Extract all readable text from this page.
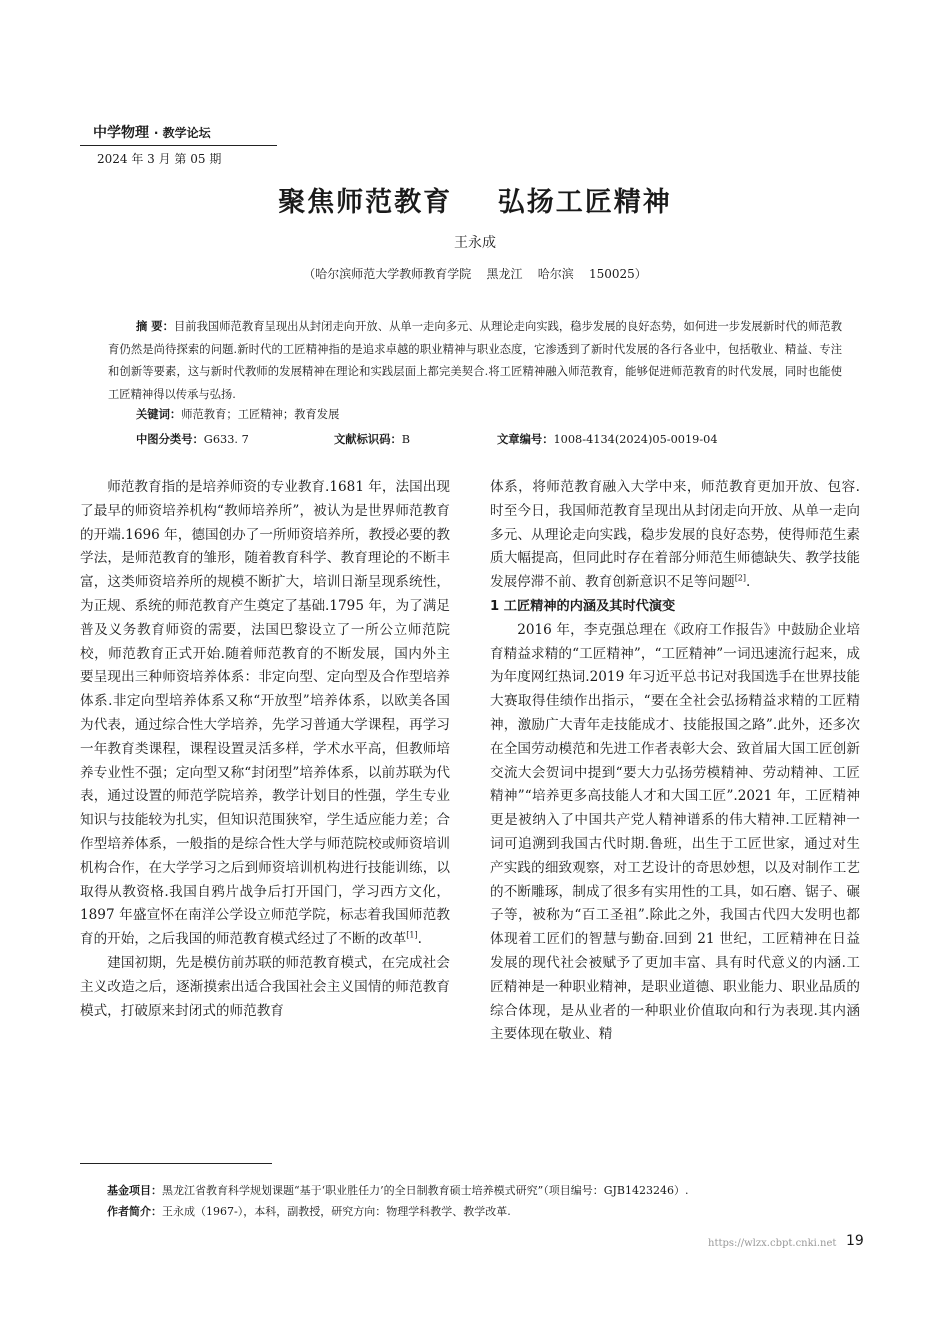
中学物理 · 教学论坛
2024 年 3 月 第 05 期
聚焦师范教育    弘扬工匠精神
王永成
（哈尔滨师范大学教师教育学院    黑龙江    哈尔滨    150025）
摘 要：目前我国师范教育呈现出从封闭走向开放、从单一走向多元、从理论走向实践，稳步发展的良好态势，如何进一步发展新时代的师范教育仍然是尚待探索的问题.新时代的工匠精神指的是追求卓越的职业精神与职业态度，它渗透到了新时代发展的各行各业中，包括敬业、精益、专注和创新等要素，这与新时代教师的发展精神在理论和实践层面上都完美契合.将工匠精神融入师范教育，能够促进师范教育的时代发展，同时也能使工匠精神得以传承与弘扬.
关键词：师范教育；工匠精神；教育发展
中图分类号：G633. 7	文献标识码：B	文章编号：1008-4134(2024)05-0019-04

师范教育指的是培养师资的专业教育.1681 年，法国出现了最早的师资培养机构“教师培养所”，被认为是世界师范教育的开端.1696 年，德国创办了一所师资培养所，教授必要的教学法，是师范教育的雏形，随着教育科学、教育理论的不断丰富，这类师资培养所的规模不断扩大，培训日渐呈现系统性，为正规、系统的师范教育产生奠定了基础.1795 年，为了满足普及义务教育师资的需要，法国巴黎设立了一所公立师范院校，师范教育正式开始.随着师范教育的不断发展，国内外主要呈现出三种师资培养体系：非定向型、定向型及合作型培养体系.非定向型培养体系又称“开放型”培养体系，以欧美各国为代表，通过综合性大学培养，先学习普通大学课程，再学习一年教育类课程，课程设置灵活多样，学术水平高，但教师培养专业性不强；定向型又称“封闭型”培养体系，以前苏联为代表，通过设置的师范学院培养，教学计划目的性强，学生专业知识与技能较为扎实，但知识范围狭窄，学生适应能力差；合作型培养体系，一般指的是综合性大学与师范院校或师资培训机构合作，在大学学习之后到师资培训机构进行技能训练，以取得从教资格.我国自鸦片战争后打开国门，学习西方文化，1897 年盛宣怀在南洋公学设立师范学院，标志着我国师范教育的开始，之后我国的师范教育模式经过了不断的改革[1].

建国初期，先是模仿前苏联的师范教育模式，在完成社会主义改造之后，逐渐摸索出适合我国社会主义国情的师范教育模式，打破原来封闭式的师范教育

体系，将师范教育融入大学中来，师范教育更加开放、包容.时至今日，我国师范教育呈现出从封闭走向开放、从单一走向多元、从理论走向实践，稳步发展的良好态势，使得师范生素质大幅提高，但同此时存在着部分师范生师德缺失、教学技能发展停滞不前、教育创新意识不足等问题[2].

1 工匠精神的内涵及其时代演变

2016 年，李克强总理在《政府工作报告》中鼓励企业培育精益求精的“工匠精神”，“工匠精神”一词迅速流行起来，成为年度网红热词.2019 年习近平总书记对我国选手在世界技能大赛取得佳绩作出指示，“要在全社会弘扬精益求精的工匠精神，激励广大青年走技能成才、技能报国之路”.此外，还多次在全国劳动模范和先进工作者表彰大会、致首届大国工匠创新交流大会贺词中提到“要大力弘扬劳模精神、劳动精神、工匠精神”“培养更多高技能人才和大国工匠”.2021 年，工匠精神更是被纳入了中国共产党人精神谱系的伟大精神.工匠精神一词可追溯到我国古代时期.鲁班，出生于工匠世家，通过对生产实践的细致观察，对工艺设计的奇思妙想，以及对制作工艺的不断雕琢，制成了很多有实用性的工具，如石磨、锯子、碾子等，被称为“百工圣祖”.除此之外，我国古代四大发明也都体现着工匠们的智慧与勤奋.回到 21 世纪，工匠精神在日益发展的现代社会被赋予了更加丰富、具有时代意义的内涵.工匠精神是一种职业精神，是职业道德、职业能力、职业品质的综合体现，是从业者的一种职业价值取向和行为表现.其内涵主要体现在敬业、精

基金项目：黑龙江省教育科学规划课题“基于‘职业胜任力’的全日制教育硕士培养模式研究”（项目编号：GJB1423246）.
作者简介：王永成（1967-），本科，副教授，研究方向：物理学科教学、教学改革.
https://wlzx.cbpt.cnki.net 19
